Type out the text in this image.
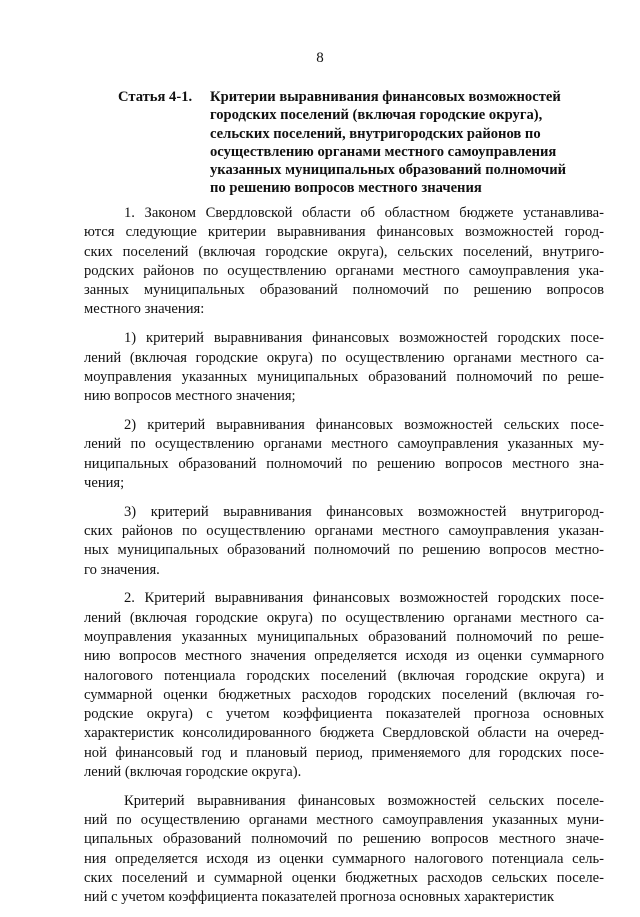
8
Статья 4-1. Критерии выравнивания финансовых возможностей
городских поселений (включая городские округа),
сельских поселений, внутригородских районов по
осуществлению органами местного самоуправления
указанных муниципальных образований полномочий
по решению вопросов местного значения
1. Законом Свердловской области об областном бюджете устанавлива-
ются следующие критерии выравнивания финансовых возможностей город-
ских поселений (включая городские округа), сельских поселений, внутриго-
родских районов по осуществлению органами местного самоуправления ука-
занных муниципальных образований полномочий по решению вопросов
местного значения:
1) критерий выравнивания финансовых возможностей городских посе-
лений (включая городские округа) по осуществлению органами местного са-
моуправления указанных муниципальных образований полномочий по реше-
нию вопросов местного значения;
2) критерий выравнивания финансовых возможностей сельских посе-
лений по осуществлению органами местного самоуправления указанных му-
ниципальных образований полномочий по решению вопросов местного зна-
чения;
3) критерий выравнивания финансовых возможностей внутригород-
ских районов по осуществлению органами местного самоуправления указан-
ных муниципальных образований полномочий по решению вопросов местно-
го значения.
2. Критерий выравнивания финансовых возможностей городских посе-
лений (включая городские округа) по осуществлению органами местного са-
моуправления указанных муниципальных образований полномочий по реше-
нию вопросов местного значения определяется исходя из оценки суммарного
налогового потенциала городских поселений (включая городские округа) и
суммарной оценки бюджетных расходов городских поселений (включая го-
родские округа) с учетом коэффициента показателей прогноза основных
характеристик консолидированного бюджета Свердловской области на очеред-
ной финансовый год и плановый период, применяемого для городских посе-
лений (включая городские округа).
Критерий выравнивания финансовых возможностей сельских поселе-
ний по осуществлению органами местного самоуправления указанных муни-
ципальных образований полномочий по решению вопросов местного значе-
ния определяется исходя из оценки суммарного налогового потенциала сель-
ских поселений и суммарной оценки бюджетных расходов сельских поселе-
ний с учетом коэффициента показателей прогноза основных характеристик
